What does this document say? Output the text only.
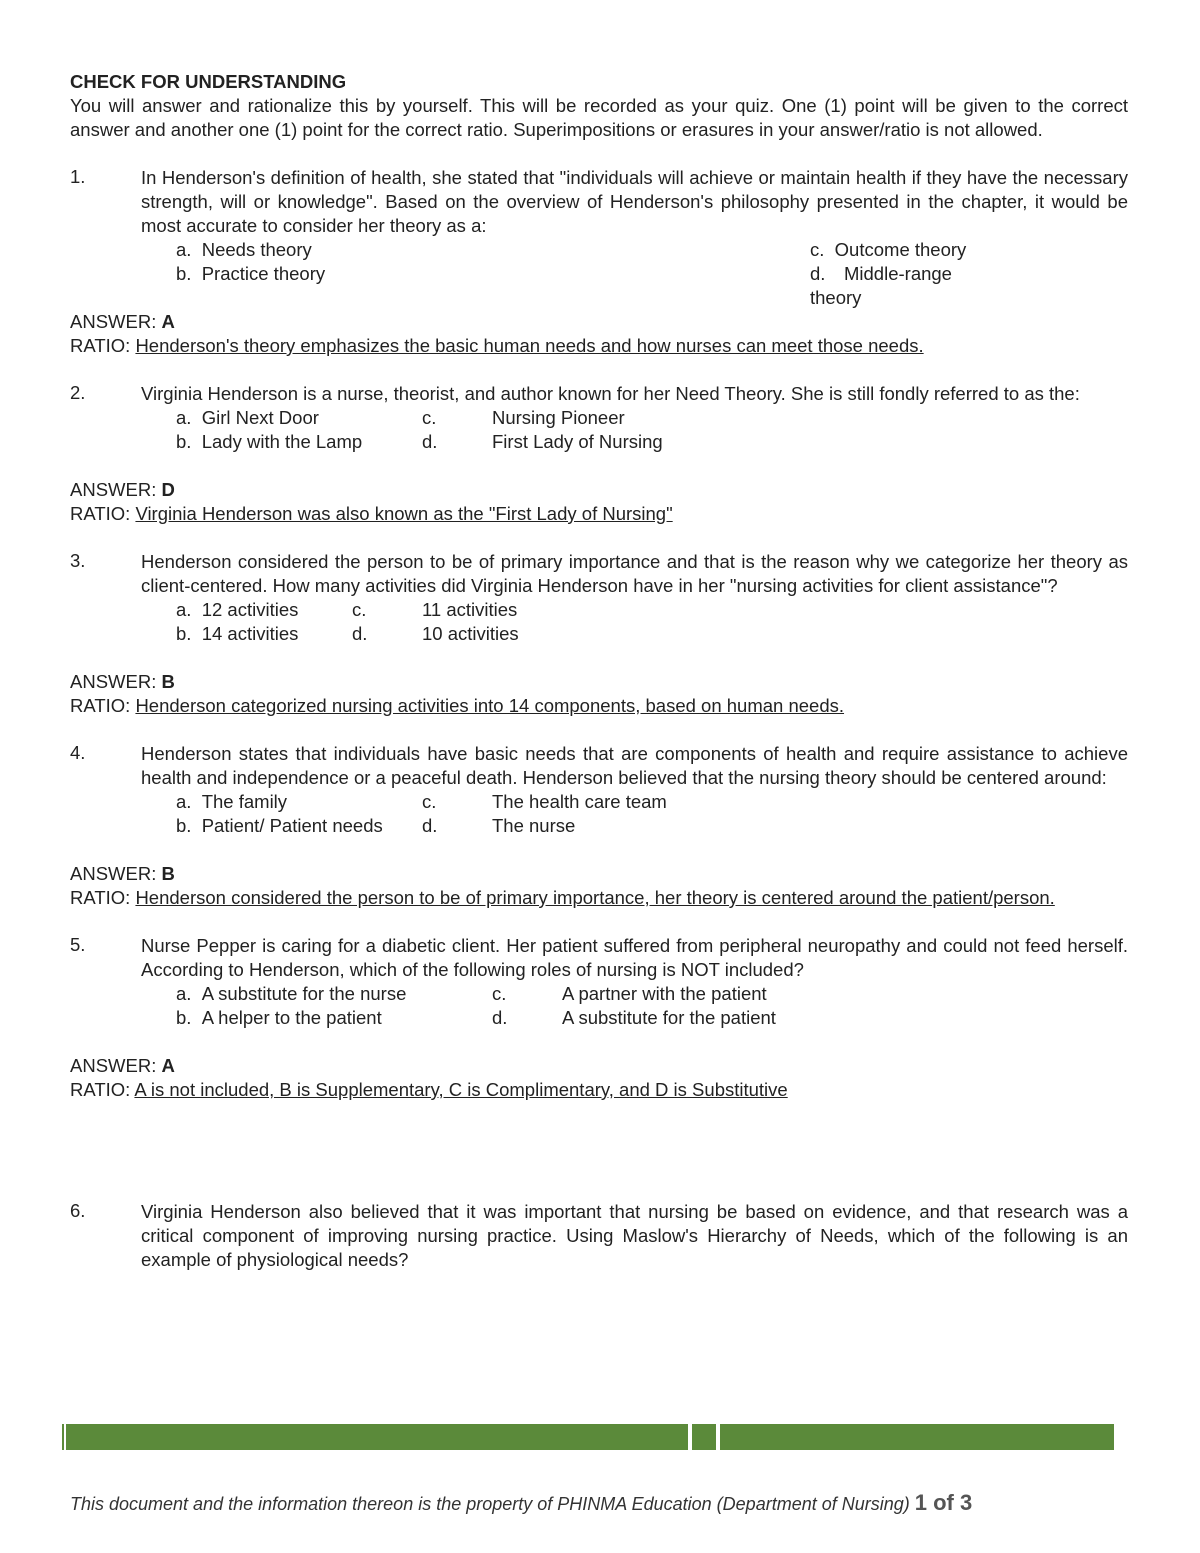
CHECK FOR UNDERSTANDING

You will answer and rationalize this by yourself. This will be recorded as your quiz. One (1) point will be given to the correct answer and another one (1) point for the correct ratio. Superimpositions or erasures in your answer/ratio is not allowed.

1.	In Henderson's definition of health, she stated that "individuals will achieve or maintain health if they have the necessary strength, will or knowledge". Based on the overview of Henderson's philosophy presented in the chapter, it would be most accurate to consider her theory as a:
a. Needs theory
b. Practice theory
c. Outcome theory
d. Middle-range theory
ANSWER: A
RATIO: Henderson's theory emphasizes the basic human needs and how nurses can meet those needs.
2.	Virginia Henderson is a nurse, theorist, and author known for her Need Theory. She is still fondly referred to as the:
a. Girl Next Door
b. Lady with the Lamp
c.	Nursing Pioneer
d.	First Lady of Nursing
ANSWER: D
RATIO: Virginia Henderson was also known as the "First Lady of Nursing"
3.	Henderson considered the person to be of primary importance and that is the reason why we categorize her theory as client-centered. How many activities did Virginia Henderson have in her "nursing activities for client assistance"?
a. 12 activities
b. 14 activities
c.	11 activities
d.	10 activities
ANSWER: B
RATIO: Henderson categorized nursing activities into 14 components, based on human needs.
4.	Henderson states that individuals have basic needs that are components of health and require assistance to achieve health and independence or a peaceful death. Henderson believed that the nursing theory should be centered around:
a. The family
b. Patient/ Patient needs
c.	The health care team
d.	The nurse
ANSWER: B
RATIO: Henderson considered the person to be of primary importance, her theory is centered around the patient/person.
5.	Nurse Pepper is caring for a diabetic client. Her patient suffered from peripheral neuropathy and could not feed herself. According to Henderson, which of the following roles of nursing is NOT included?
a. A substitute for the nurse
b. A helper to the patient
c.	A partner with the patient
d.	A substitute for the patient
ANSWER: A
RATIO: A is not included, B is Supplementary, C is Complimentary, and D is Substitutive
6.	Virginia Henderson also believed that it was important that nursing be based on evidence, and that research was a critical component of improving nursing practice. Using Maslow's Hierarchy of Needs, which of the following is an example of physiological needs?
This document and the information thereon is the property of PHINMA Education (Department of Nursing) 1 of 3
